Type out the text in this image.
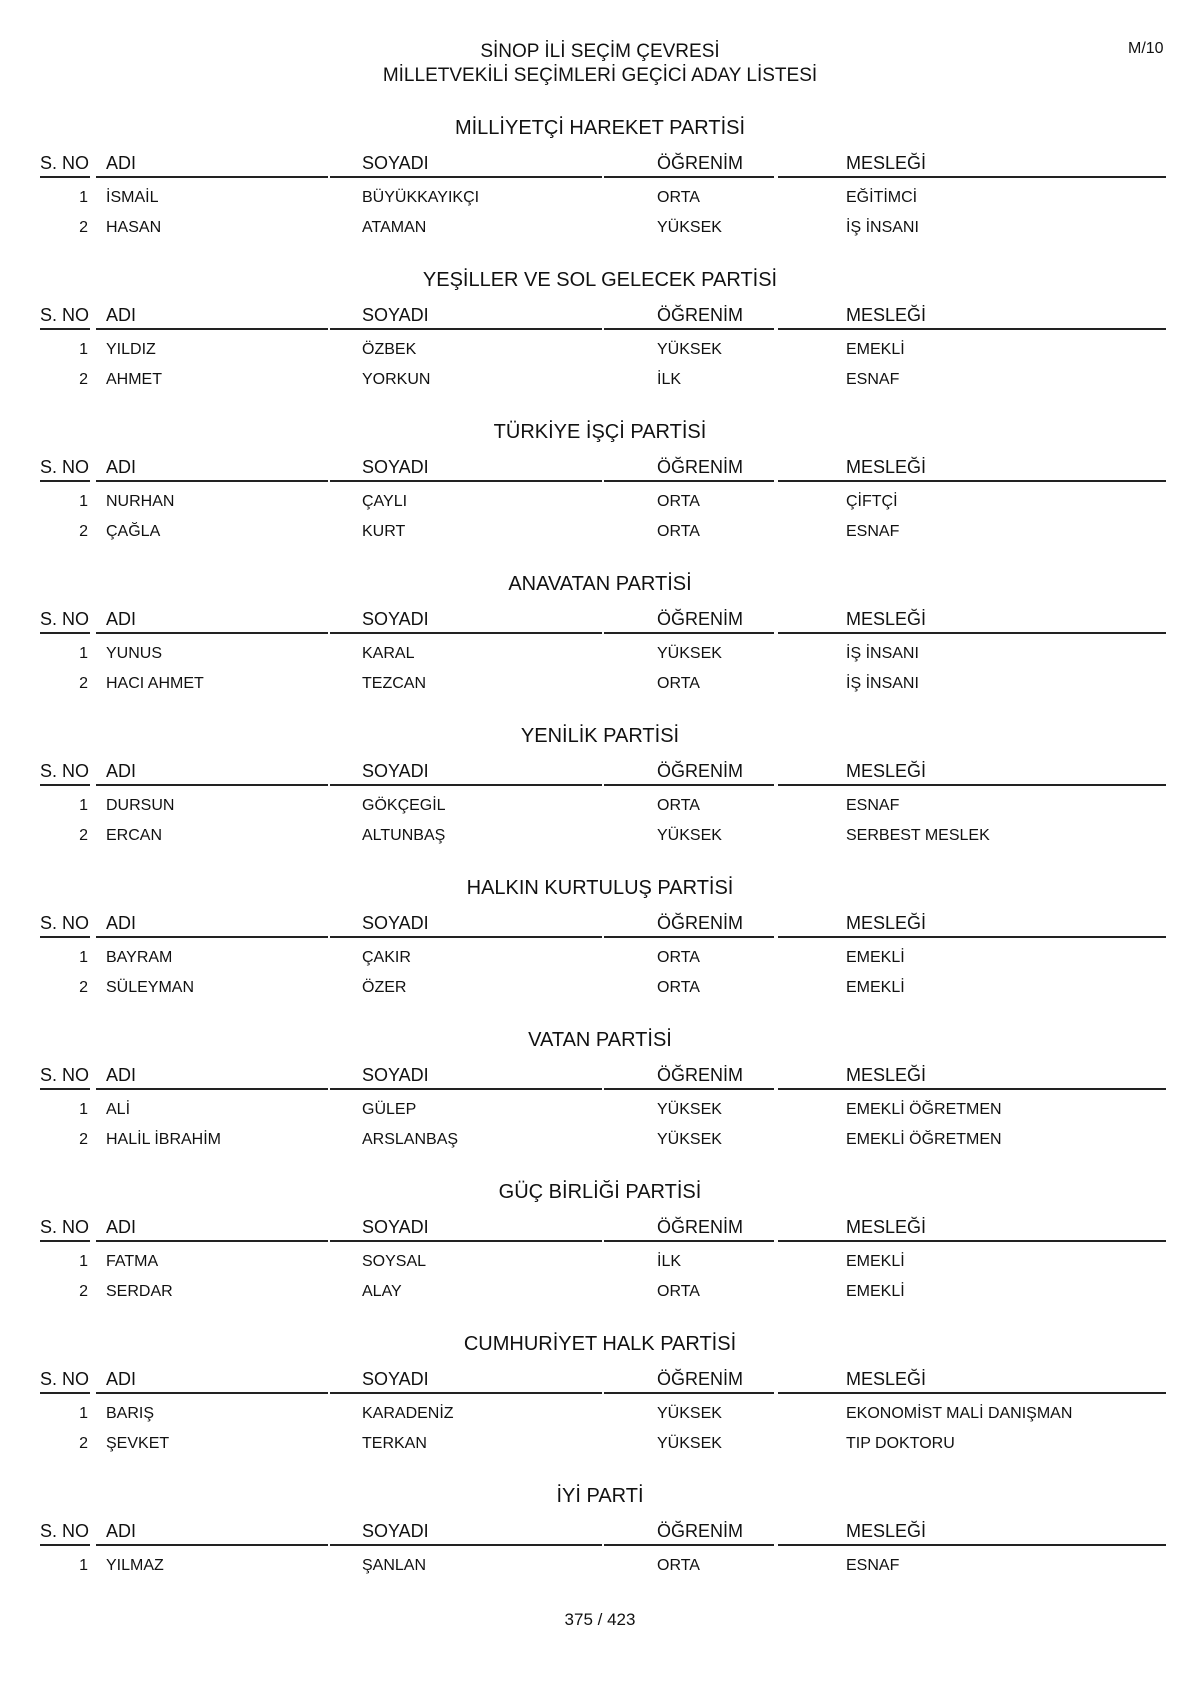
M/10
SİNOP İLİ SEÇİM ÇEVRESİ
MİLLETVEKİLİ SEÇİMLERİ GEÇİCİ ADAY LİSTESİ
MİLLİYETÇİ HAREKET PARTİSİ
S. NO ADI	SOYADI	ÖĞRENİM	MESLEĞİ
1 İSMAİL	BÜYÜKKAYIKÇI	ORTA	EĞİTİMCİ
2 HASAN	ATAMAN	YÜKSEK	İŞ İNSANI
YEŞİLLER VE SOL GELECEK PARTİSİ
S. NO ADI	SOYADI	ÖĞRENİM	MESLEĞİ
1 YILDIZ	ÖZBEK	YÜKSEK	EMEKLİ
2 AHMET	YORKUN	İLK	ESNAF
TÜRKİYE İŞÇİ PARTİSİ
S. NO ADI	SOYADI	ÖĞRENİM	MESLEĞİ
1 NURHAN	ÇAYLI	ORTA	ÇİFTÇİ
2 ÇAĞLA	KURT	ORTA	ESNAF
ANAVATAN PARTİSİ
S. NO ADI	SOYADI	ÖĞRENİM	MESLEĞİ
1 YUNUS	KARAL	YÜKSEK	İŞ İNSANI
2 HACI AHMET	TEZCAN	ORTA	İŞ İNSANI
YENİLİK PARTİSİ
S. NO ADI	SOYADI	ÖĞRENİM	MESLEĞİ
1 DURSUN	GÖKÇEGİL	ORTA	ESNAF
2 ERCAN	ALTUNBAŞ	YÜKSEK	SERBEST MESLEK
HALKIN KURTULUŞ PARTİSİ
S. NO ADI	SOYADI	ÖĞRENİM	MESLEĞİ
1 BAYRAM	ÇAKIR	ORTA	EMEKLİ
2 SÜLEYMAN	ÖZER	ORTA	EMEKLİ
VATAN PARTİSİ
S. NO ADI	SOYADI	ÖĞRENİM	MESLEĞİ
1 ALİ	GÜLEP	YÜKSEK	EMEKLİ ÖĞRETMEN
2 HALİL İBRAHİM	ARSLANBAŞ	YÜKSEK	EMEKLİ ÖĞRETMEN
GÜÇ BİRLİĞİ PARTİSİ
S. NO ADI	SOYADI	ÖĞRENİM	MESLEĞİ
1 FATMA	SOYSAL	İLK	EMEKLİ
2 SERDAR	ALAY	ORTA	EMEKLİ
CUMHURİYET HALK PARTİSİ
S. NO ADI	SOYADI	ÖĞRENİM	MESLEĞİ
1 BARIŞ	KARADENİZ	YÜKSEK	EKONOMİST MALİ DANIŞMAN
2 ŞEVKET	TERKAN	YÜKSEK	TIP DOKTORU
İYİ PARTİ
S. NO ADI	SOYADI	ÖĞRENİM	MESLEĞİ
1 YILMAZ	ŞANLAN	ORTA	ESNAF
375 / 423
